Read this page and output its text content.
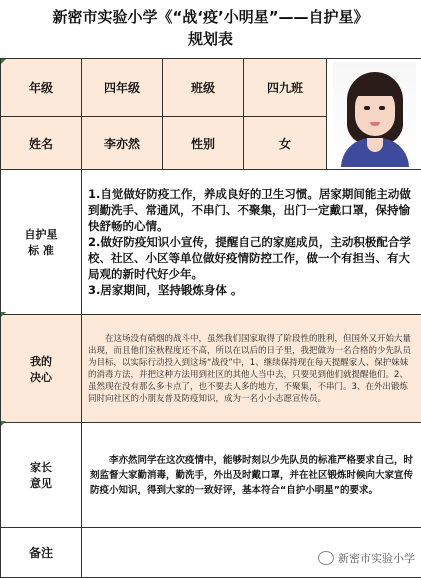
新密市实验小学《“战‘疫’小明星”——自护星》
规划表
年级	四年级	班级	四九班	

姓名	李亦然	性别	女	
自护星
标 准	1.自觉做好防疫工作，养成良好的卫生习惯。居家期间能主动做到勤洗手、常通风，不串门、不聚集，出门一定戴口罩，保持愉快舒畅的心情。
2.做好防疫知识小宣传，提醒自己的家庭成员，主动积极配合学校、社区、小区等单位做好疫情防控工作，做一个有担当、有大局观的新时代好少年。
3.居家期间，坚持锻炼身体 。			

我的
决心	在这场没有硝烟的战斗中，虽然我们国家取得了阶段性的胜利，但国外又开始大量出现，而且他们室秋程度还不高，所以在以后的日子里，我把做为一名合格的少先队员为目标，以实际行动投入到这场“战役”中，1、继续保持现在每天提醒家人、保护妹妹的消毒方法，并把这种方法用到社区的其他人当中去，只要见到他们就提醒他们。2、虽然现在没有那么多卡点了，也不要去人多的地方，不聚集，不串门。3、在外出锻炼同时向社区的小朋友普及防疫知识，成为一名小小志愿宣传员。			

家长
意见	李亦然同学在这次疫情中，能够时刻以少先队员的标准严格要求自己，时刻监督大家勤消毒，勤洗手，外出及时戴口罩，并在社区锻炼时候向大家宣传防疫小知识，得到大家的一致好评，基本符合“自护小明星”的要求。			

备注					新密市实验小学
